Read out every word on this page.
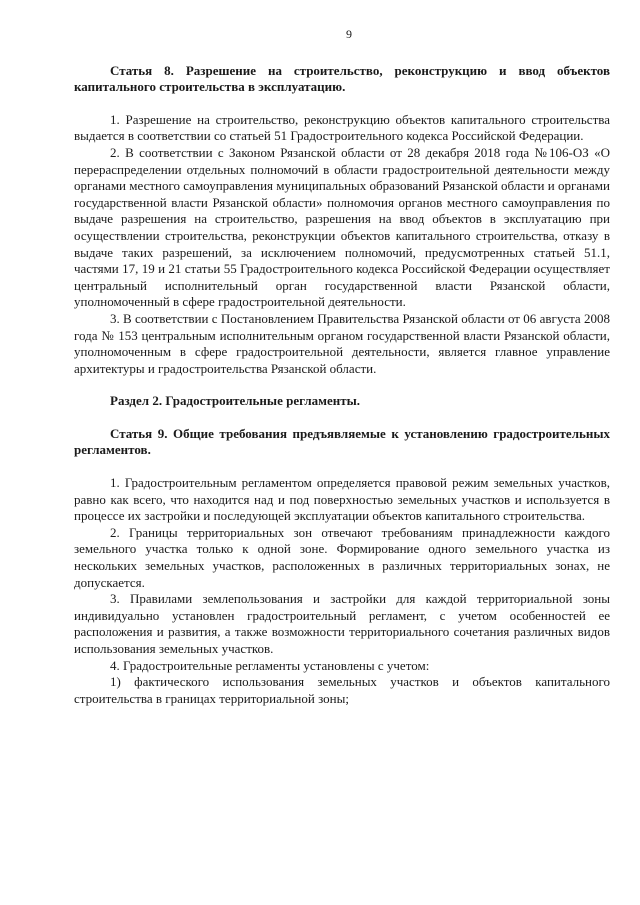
9

Статья 8. Разрешение на строительство, реконструкцию и ввод объектов капитального строительства в эксплуатацию.

1. Разрешение на строительство, реконструкцию объектов капитального строительства выдается в соответствии со статьей 51 Градостроительного кодекса Российской Федерации.

2. В соответствии с Законом Рязанской области от 28 декабря 2018 года №106-ОЗ «О перераспределении отдельных полномочий в области градостроительной деятельности между органами местного самоуправления муниципальных образований Рязанской области и органами государственной власти Рязанской области» полномочия органов местного самоуправления по выдаче разрешения на строительство, разрешения на ввод объектов в эксплуатацию при осуществлении строительства, реконструкции объектов капитального строительства, отказу в выдаче таких разрешений, за исключением полномочий, предусмотренных статьей 51.1, частями 17, 19 и 21 статьи 55 Градостроительного кодекса Российской Федерации осуществляет центральный исполнительный орган государственной власти Рязанской области, уполномоченный в сфере градостроительной деятельности.

3. В соответствии с Постановлением Правительства Рязанской области от 06 августа 2008 года № 153 центральным исполнительным органом государственной власти Рязанской области, уполномоченным в сфере градостроительной деятельности, является главное управление архитектуры и градостроительства Рязанской области.

Раздел 2. Градостроительные регламенты.

Статья 9. Общие требования предъявляемые к установлению градостроительных регламентов.

1. Градостроительным регламентом определяется правовой режим земельных участков, равно как всего, что находится над и под поверхностью земельных участков и используется в процессе их застройки и последующей эксплуатации объектов капитального строительства.

2. Границы территориальных зон отвечают требованиям принадлежности каждого земельного участка только к одной зоне. Формирование одного земельного участка из нескольких земельных участков, расположенных в различных территориальных зонах, не допускается.

3. Правилами землепользования и застройки для каждой территориальной зоны индивидуально установлен градостроительный регламент, с учетом особенностей ее расположения и развития, а также возможности территориального сочетания различных видов использования земельных участков.

4. Градостроительные регламенты установлены с учетом:

1) фактического использования земельных участков и объектов капитального строительства в границах территориальной зоны;
